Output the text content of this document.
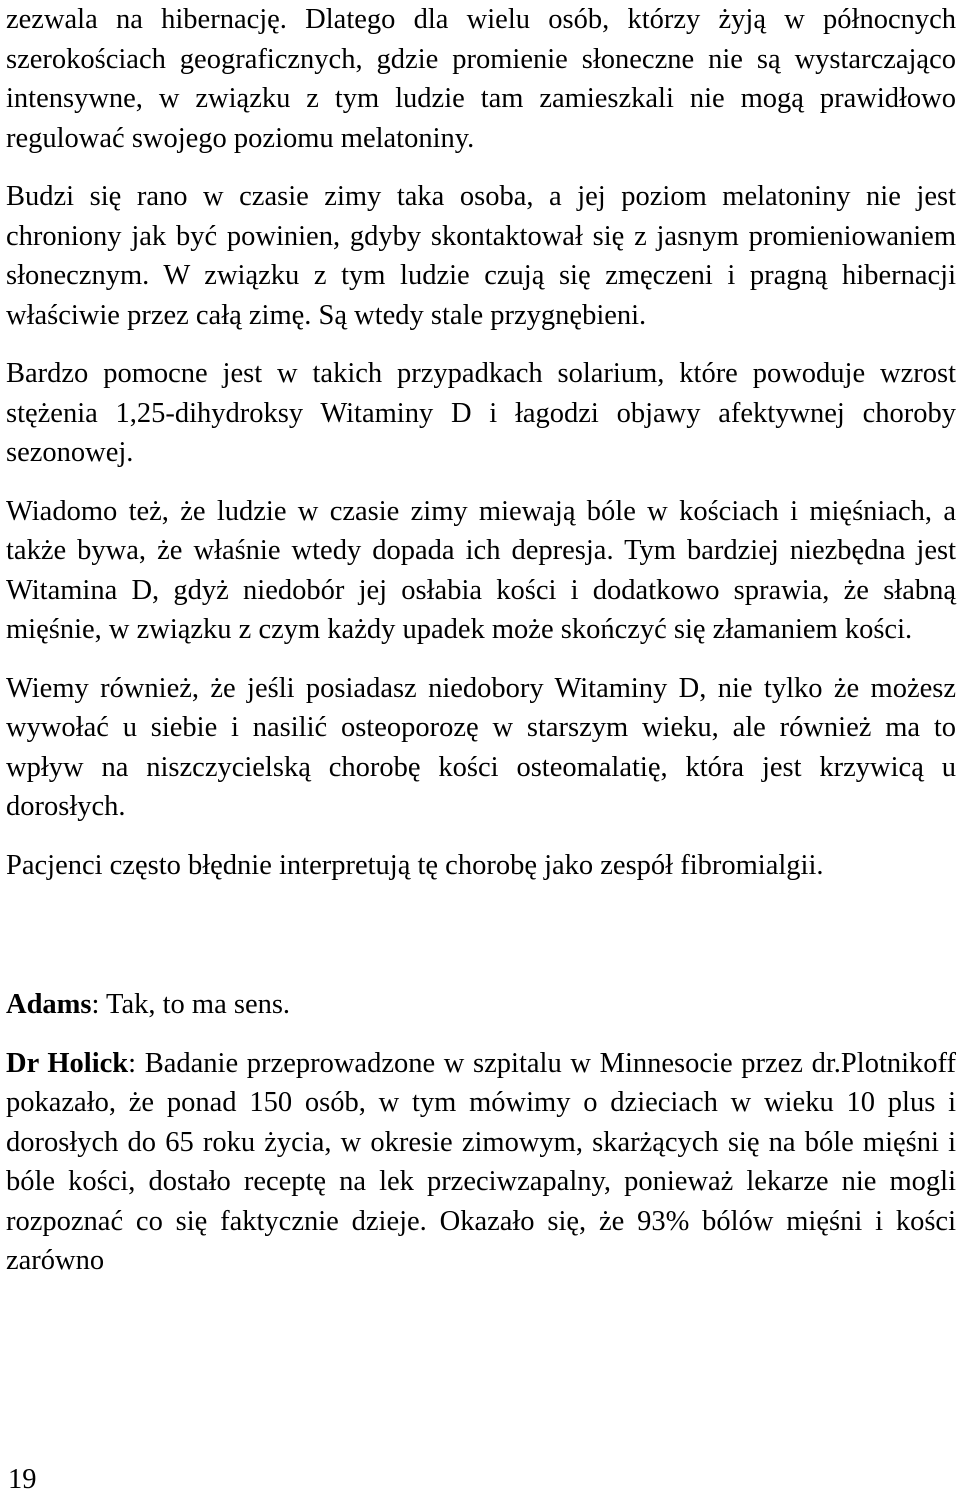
zezwala na hibernację. Dlatego dla wielu osób, którzy żyją w północnych szerokościach geograficznych, gdzie promienie słoneczne nie są wystarczająco intensywne, w związku z tym ludzie tam zamieszkali nie mogą prawidłowo regulować swojego poziomu melatoniny.

Budzi się rano w czasie zimy taka osoba, a jej poziom melatoniny nie jest chroniony jak być powinien, gdyby skontaktował się z jasnym promieniowaniem słonecznym. W związku z tym ludzie czują się zmęczeni i pragną hibernacji właściwie przez całą zimę. Są wtedy stale przygnębieni.

Bardzo pomocne jest w takich przypadkach solarium, które powoduje wzrost stężenia 1,25-dihydroksy Witaminy D i łagodzi objawy afektywnej choroby sezonowej.

Wiadomo też, że ludzie w czasie zimy miewają bóle w kościach i mięśniach, a także bywa, że właśnie wtedy dopada ich depresja. Tym bardziej niezbędna jest Witamina D, gdyż niedobór jej osłabia kości i dodatkowo sprawia, że słabną mięśnie, w związku z czym każdy upadek może skończyć się złamaniem kości.

Wiemy również, że jeśli posiadasz niedobory Witaminy D, nie tylko że możesz wywołać u siebie i nasilić osteoporozę w starszym wieku, ale również ma to wpływ na niszczycielską chorobę kości osteomalatię, która jest krzywicą u dorosłych.

Pacjenci często błędnie interpretują tę chorobę jako zespół fibromialgii.

Adams: Tak, to ma sens.

Dr Holick: Badanie przeprowadzone w szpitalu w Minnesocie przez dr.Plotnikoff pokazało, że ponad 150 osób, w tym mówimy o dzieciach w wieku 10 plus i dorosłych do 65 roku życia, w okresie zimowym, skarżących się na bóle mięśni i bóle kości, dostało receptę na lek przeciwzapalny, ponieważ lekarze nie mogli rozpoznać co się faktycznie dzieje. Okazało się, że 93% bólów mięśni i kości zarówno

19
